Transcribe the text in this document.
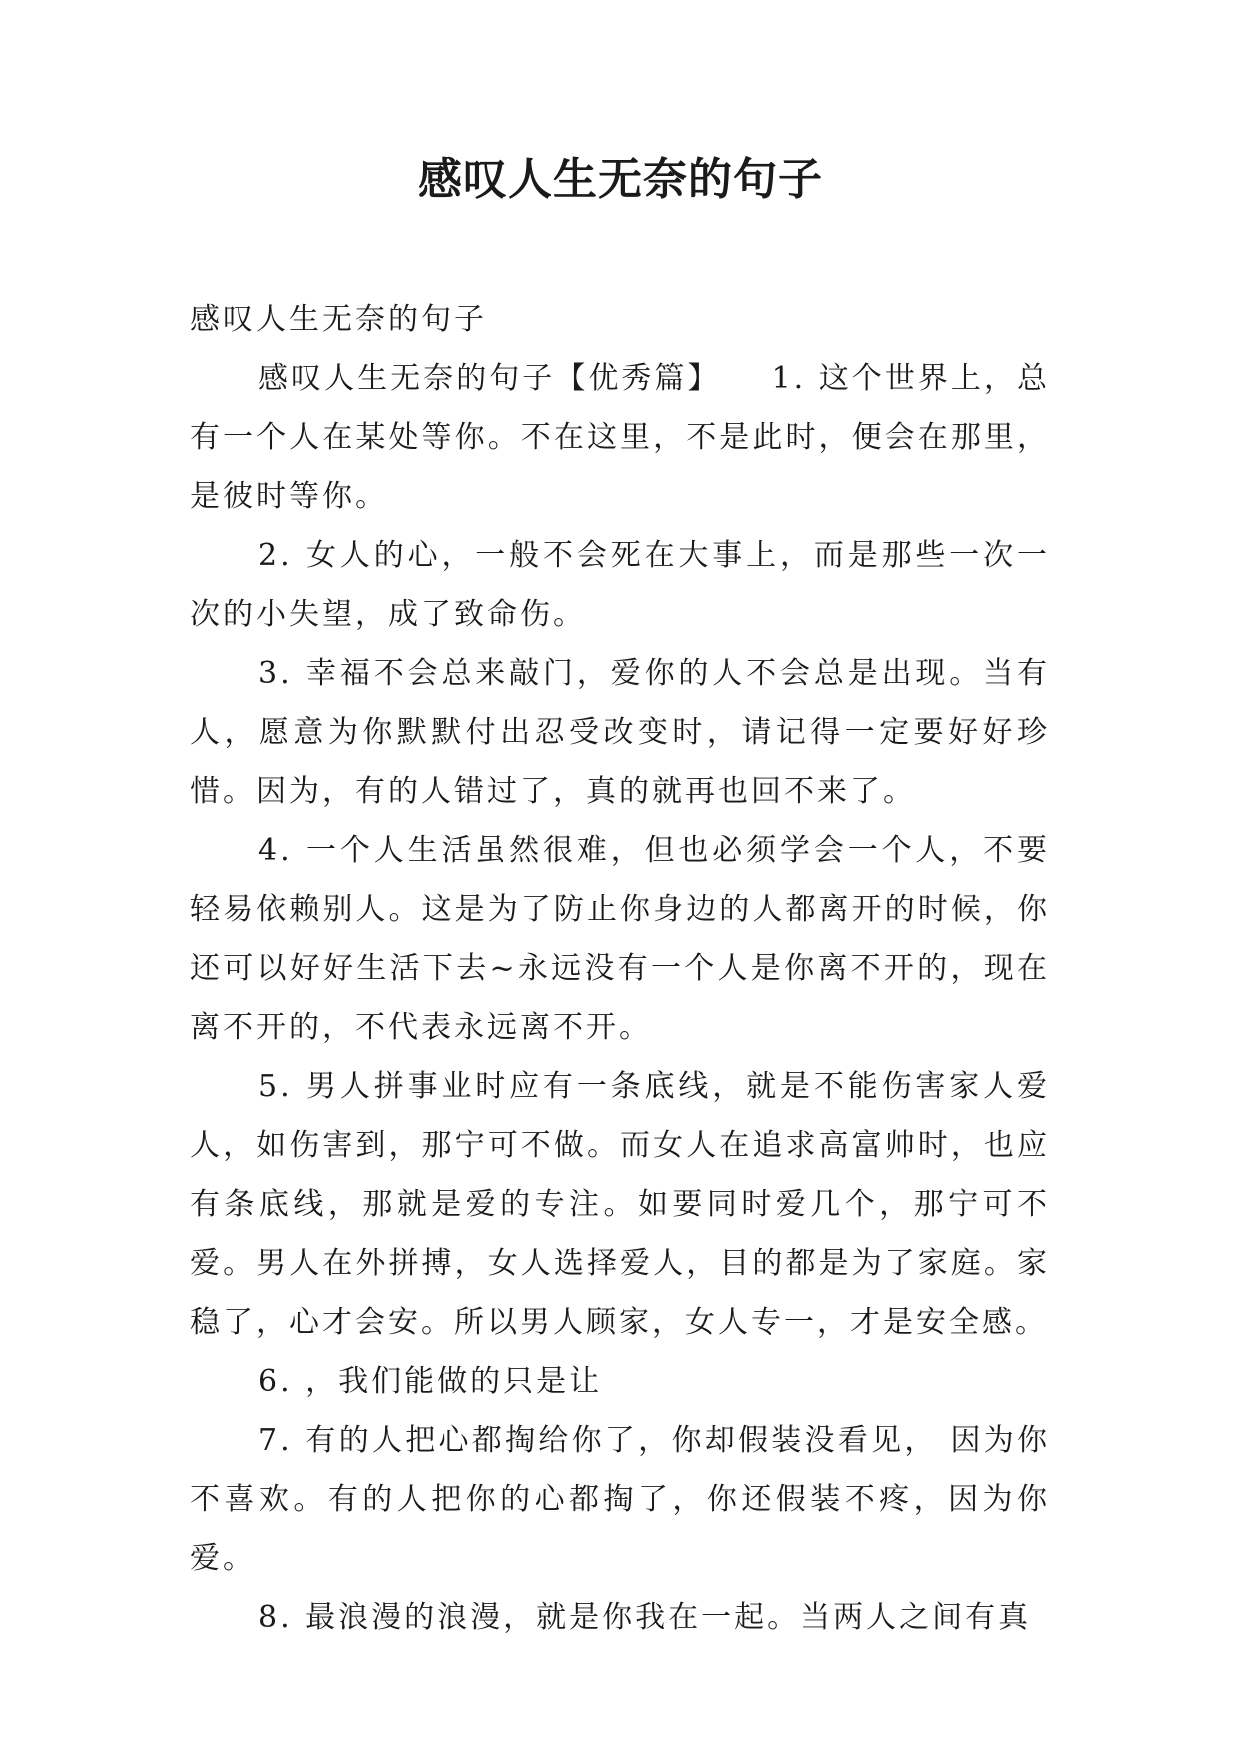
感叹人生无奈的句子

感叹人生无奈的句子

感叹人生无奈的句子【优秀篇】　　1. 这个世界上，总有一个人在某处等你。不在这里，不是此时，便会在那里，是彼时等你。

2. 女人的心，一般不会死在大事上，而是那些一次一次的小失望，成了致命伤。

3. 幸福不会总来敲门，爱你的人不会总是出现。当有人，愿意为你默默付出忍受改变时，请记得一定要好好珍惜。因为，有的人错过了，真的就再也回不来了。

4. 一个人生活虽然很难，但也必须学会一个人，不要轻易依赖别人。这是为了防止你身边的人都离开的时候，你还可以好好生活下去~永远没有一个人是你离不开的，现在离不开的，不代表永远离不开。

5. 男人拼事业时应有一条底线，就是不能伤害家人爱人，如伤害到，那宁可不做。而女人在追求高富帅时，也应有条底线，那就是爱的专注。如要同时爱几个，那宁可不爱。男人在外拼搏，女人选择爱人，目的都是为了家庭。家稳了，心才会安。所以男人顾家，女人专一，才是安全感。

6. ，我们能做的只是让

7. 有的人把心都掏给你了，你却假装没看见， 因为你不喜欢。有的人把你的心都掏了，你还假装不疼，因为你爱。

8. 最浪漫的浪漫，就是你我在一起。当两人之间有真
